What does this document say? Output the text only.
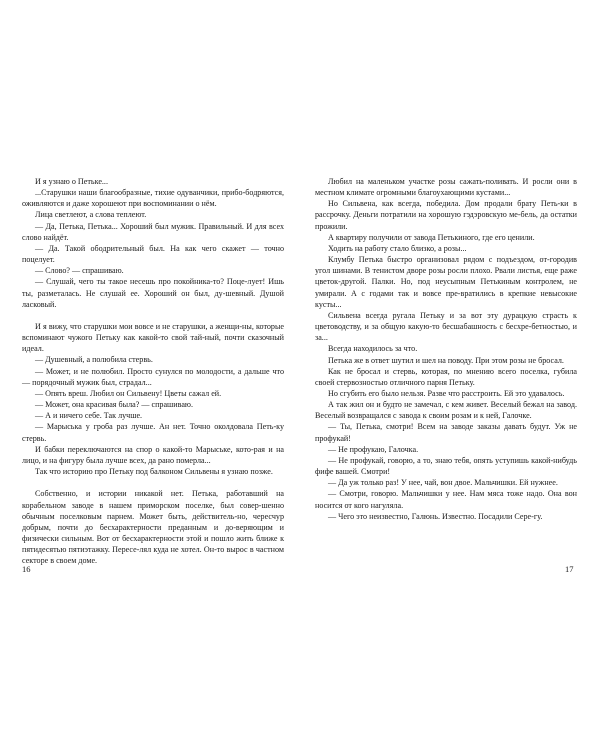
И я узнаю о Петьке...

...Старушки наши благообразные, тихие одуванчики, прибо-бодряются, оживляются и даже хорошеют при воспоминании о нём.

Лица светлеют, а слова теплеют.

— Да, Петька, Петька... Хороший был мужик. Правильный. И для всех слово найдёт.

— Да. Такой ободрительный был. На как чего скажет — точно поцелует.

— Слово? — спрашиваю.

— Слушай, чего ты такое несешь про покойника-то? Поце-лует! Ишь ты, разметалась. Не слушай ее. Хороший он был, ду-шевный. Душой ласковый.

И я вижу, что старушки мои вовсе и не старушки, а женщи-ны, которые вспоминают чужого Петьку как какой-то свой тай-ный, почти сказочный идеал.

— Душевный, а полюбила стервь.

— Может, и не полюбил. Просто сунулся по молодости, а дальше что — порядочный мужик был, страдал...

— Опять вреш. Любил он Сильвену! Цветы сажал ей.

— Может, она красивая была? — спрашиваю.

— А и ничего себе. Так лучше.

— Марыська у гроба раз лучше. Ан нет. Точно околдовала Петь-ку стервь.

И бабки переключаются на спор о какой-то Марыське, кото-рая и на лицо, и на фигуру была лучше всех, да рано померла...

Так что историю про Петьку под балконом Сильвены я узнаю позже.

Собственно, и истории никакой нет. Петька, работавший на корабельном заводе в нашем приморском поселке, был совер-шенно обычным поселковым парнем. Может быть, действитель-но, чересчур добрым, почти до бесхарактерности преданным и до-веряющим и физически сильным. Вот от бесхарактерности этой и пошло жить ближе к пятидесятью пятиэтажку. Пересе-лял куда не хотел. Он-то вырос в частном секторе в своем доме.

Любил на маленьком участке розы сажать-поливать. И росли они в местном климате огромными благоухающими кустами...

Но Сильвена, как всегда, победила. Дом продали брату Петь-ки в рассрочку. Деньги потратили на хорошую гэдэровскую ме-бель, да остатки прожили.

А квартиру получили от завода Петькиного, где его ценили.

Ходить на работу стало близко, а розы...

Клумбу Петька быстро организовал рядом с подъездом, от-городив угол шинами. В тенистом дворе розы росли плохо. Рвали листья, еще раже цветок-другой. Палки. Но, под неусыпным Петькиным контролем, не умирали. А с годами так и вовсе пре-вратились в крепкие невысокие кусты...

Сильвена всегда ругала Петьку и за вот эту дурацкую страсть к цветоводству, и за общую какую-то бесшабашность с бесхре-бетностью, и за...

Всегда находилось за что.

Петька же в ответ шутил и шел на поводу. При этом розы не бросал.

Как не бросал и стервь, которая, по мнению всего поселка, губила своей стервозностью отличного парня Петьку.

Но сгубить его было нельзя. Разве что расстроить. Ей это удавалось.

А так жил он и будто не замечал, с кем живет. Веселый бежал на завод. Веселый возвращался с завода к своим розам и к ней, Галочке.

— Ты, Петька, смотри! Всем на заводе заказы давать будут. Уж не профукай!

— Не профукаю, Галочка.

— Не профукай, говорю, а то, знаю тебя, опять уступишь какой-нибудь фифе вашей. Смотри!

— Да уж только раз! У нее, чай, вон двое. Мальчишки. Ей нужнее.

— Смотри, говорю. Мальчишки у нее. Нам мяса тоже надо. Она вон носится от кого нагуляла.

— Чего это неизвестно, Галюнь. Известно. Посадили Сере-гу.

16	17
